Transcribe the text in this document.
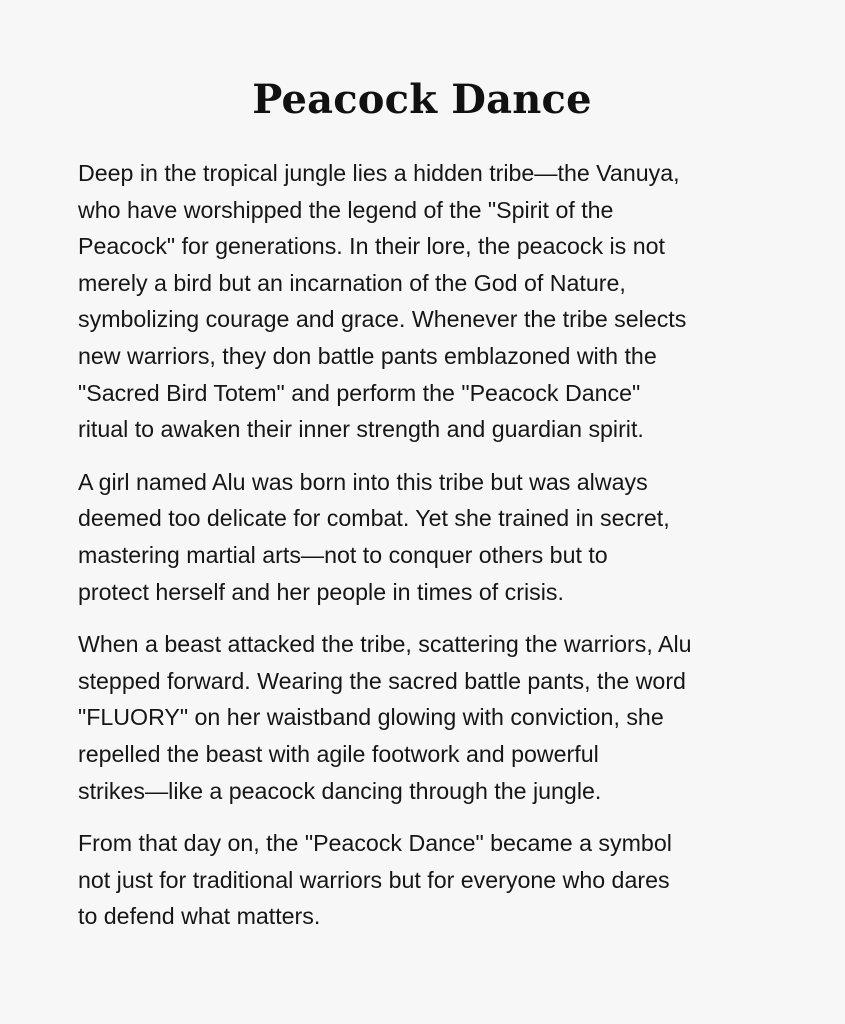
Peacock Dance

Deep in the tropical jungle lies a hidden tribe—the Vanuya,
who have worshipped the legend of the "Spirit of the
Peacock" for generations. In their lore, the peacock is not
merely a bird but an incarnation of the God of Nature,
symbolizing courage and grace. Whenever the tribe selects
new warriors, they don battle pants emblazoned with the
"Sacred Bird Totem" and perform the "Peacock Dance"
ritual to awaken their inner strength and guardian spirit.

A girl named Alu was born into this tribe but was always
deemed too delicate for combat. Yet she trained in secret,
mastering martial arts—not to conquer others but to
protect herself and her people in times of crisis.

When a beast attacked the tribe, scattering the warriors, Alu
stepped forward. Wearing the sacred battle pants, the word
"FLUORY" on her waistband glowing with conviction, she
repelled the beast with agile footwork and powerful
strikes—like a peacock dancing through the jungle.

From that day on, the "Peacock Dance" became a symbol
not just for traditional warriors but for everyone who dares
to defend what matters.
